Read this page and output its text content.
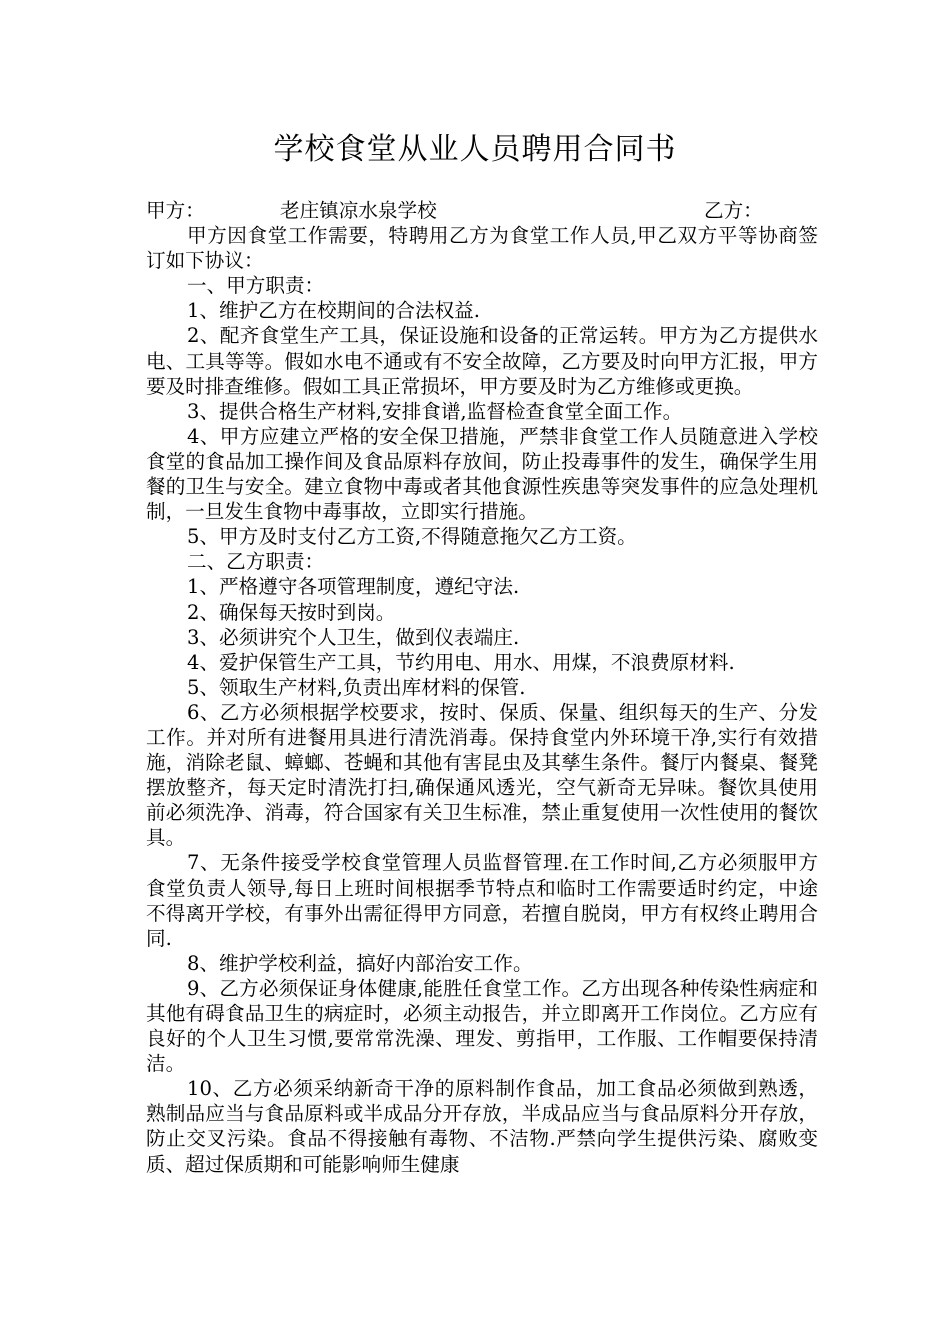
学校食堂从业人员聘用合同书
甲方：	老庄镇凉水泉学校	乙方：

甲方因食堂工作需要，特聘用乙方为食堂工作人员,甲乙双方平等协商签订如下协议：

一、甲方职责：

1、维护乙方在校期间的合法权益.

2、配齐食堂生产工具，保证设施和设备的正常运转。甲方为乙方提供水电、工具等等。假如水电不通或有不安全故障，乙方要及时向甲方汇报，甲方要及时排查维修。假如工具正常损坏，甲方要及时为乙方维修或更换。

3、提供合格生产材料,安排食谱,监督检查食堂全面工作。

4、甲方应建立严格的安全保卫措施，严禁非食堂工作人员随意进入学校食堂的食品加工操作间及食品原料存放间，防止投毒事件的发生，确保学生用餐的卫生与安全。建立食物中毒或者其他食源性疾患等突发事件的应急处理机制，一旦发生食物中毒事故，立即实行措施。

5、甲方及时支付乙方工资,不得随意拖欠乙方工资。

二、乙方职责：

1、严格遵守各项管理制度，遵纪守法.

2、确保每天按时到岗。

3、必须讲究个人卫生，做到仪表端庄.

4、爱护保管生产工具，节约用电、用水、用煤，不浪费原材料.

5、领取生产材料,负责出库材料的保管.

6、乙方必须根据学校要求，按时、保质、保量、组织每天的生产、分发工作。并对所有进餐用具进行清洗消毒。保持食堂内外环境干净,实行有效措施，消除老鼠、蟑螂、苍蝇和其他有害昆虫及其孳生条件。餐厅内餐桌、餐凳摆放整齐，每天定时清洗打扫,确保通风透光，空气新奇无异味。餐饮具使用前必须洗净、消毒，符合国家有关卫生标准，禁止重复使用一次性使用的餐饮具。

7、无条件接受学校食堂管理人员监督管理.在工作时间,乙方必须服甲方食堂负责人领导,每日上班时间根据季节特点和临时工作需要适时约定，中途不得离开学校，有事外出需征得甲方同意，若擅自脱岗，甲方有权终止聘用合同.

8、维护学校利益，搞好内部治安工作。

9、乙方必须保证身体健康,能胜任食堂工作。乙方出现各种传染性病症和其他有碍食品卫生的病症时，必须主动报告，并立即离开工作岗位。乙方应有良好的个人卫生习惯,要常常洗澡、理发、剪指甲，工作服、工作帽要保持清洁。

10、乙方必须采纳新奇干净的原料制作食品，加工食品必须做到熟透，熟制品应当与食品原料或半成品分开存放，半成品应当与食品原料分开存放，防止交叉污染。食品不得接触有毒物、不洁物.严禁向学生提供污染、腐败变质、超过保质期和可能影响师生健康
